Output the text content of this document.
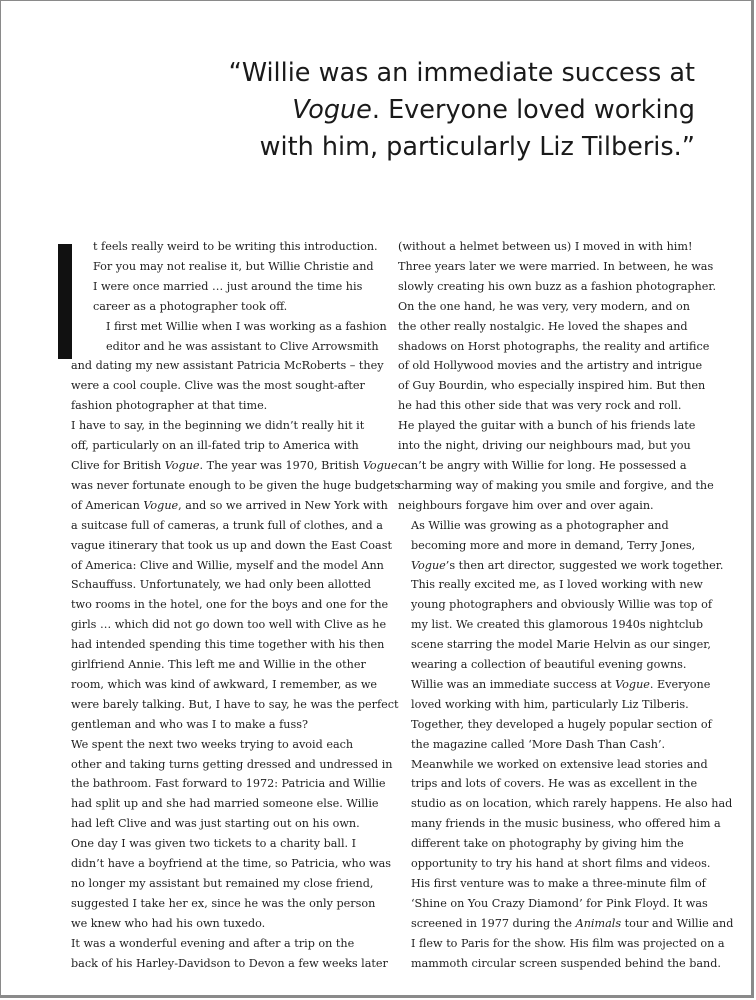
“Willie was an immediate success at
Vogue. Everyone loved working
with him, particularly Liz Tilberis.”

t feels really weird to be writing this introduction.
For you may not realise it, but Willie Christie and
I were once married … just around the time his
career as a photographer took off.

I first met Willie when I was working as a fashion
editor and he was assistant to Clive Arrowsmith
and dating my new assistant Patricia McRoberts – they
were a cool couple. Clive was the most sought-after
fashion photographer at that time.

I have to say, in the beginning we didn’t really hit it
off, particularly on an ill-fated trip to America with
Clive for British Vogue. The year was 1970, British Vogue
was never fortunate enough to be given the huge budgets
of American Vogue, and so we arrived in New York with
a suitcase full of cameras, a trunk full of clothes, and a
vague itinerary that took us up and down the East Coast
of America: Clive and Willie, myself and the model Ann
Schauffuss. Unfortunately, we had only been allotted
two rooms in the hotel, one for the boys and one for the
girls … which did not go down too well with Clive as he
had intended spending this time together with his then
girlfriend Annie. This left me and Willie in the other
room, which was kind of awkward, I remember, as we
were barely talking. But, I have to say, he was the perfect
gentleman and who was I to make a fuss?

We spent the next two weeks trying to avoid each
other and taking turns getting dressed and undressed in
the bathroom. Fast forward to 1972: Patricia and Willie
had split up and she had married someone else. Willie
had left Clive and was just starting out on his own.

One day I was given two tickets to a charity ball. I
didn’t have a boyfriend at the time, so Patricia, who was
no longer my assistant but remained my close friend,
suggested I take her ex, since he was the only person
we knew who had his own tuxedo.

It was a wonderful evening and after a trip on the
back of his Harley-Davidson to Devon a few weeks later

(without a helmet between us) I moved in with him!
Three years later we were married. In between, he was
slowly creating his own buzz as a fashion photographer.
On the one hand, he was very, very modern, and on
the other really nostalgic. He loved the shapes and
shadows on Horst photographs, the reality and artifice
of old Hollywood movies and the artistry and intrigue
of Guy Bourdin, who especially inspired him. But then
he had this other side that was very rock and roll.
He played the guitar with a bunch of his friends late
into the night, driving our neighbours mad, but you
can’t be angry with Willie for long. He possessed a
charming way of making you smile and forgive, and the
neighbours forgave him over and over again.

As Willie was growing as a photographer and
becoming more and more in demand, Terry Jones,
Vogue’s then art director, suggested we work together.
This really excited me, as I loved working with new
young photographers and obviously Willie was top of
my list. We created this glamorous 1940s nightclub
scene starring the model Marie Helvin as our singer,
wearing a collection of beautiful evening gowns.

Willie was an immediate success at Vogue. Everyone
loved working with him, particularly Liz Tilberis.
Together, they developed a hugely popular section of
the magazine called ‘More Dash Than Cash’.

Meanwhile we worked on extensive lead stories and
trips and lots of covers. He was as excellent in the
studio as on location, which rarely happens. He also had
many friends in the music business, who offered him a
different take on photography by giving him the
opportunity to try his hand at short films and videos.

His first venture was to make a three-minute film of
‘Shine on You Crazy Diamond’ for Pink Floyd. It was
screened in 1977 during the Animals tour and Willie and
I flew to Paris for the show. His film was projected on a
mammoth circular screen suspended behind the band.
